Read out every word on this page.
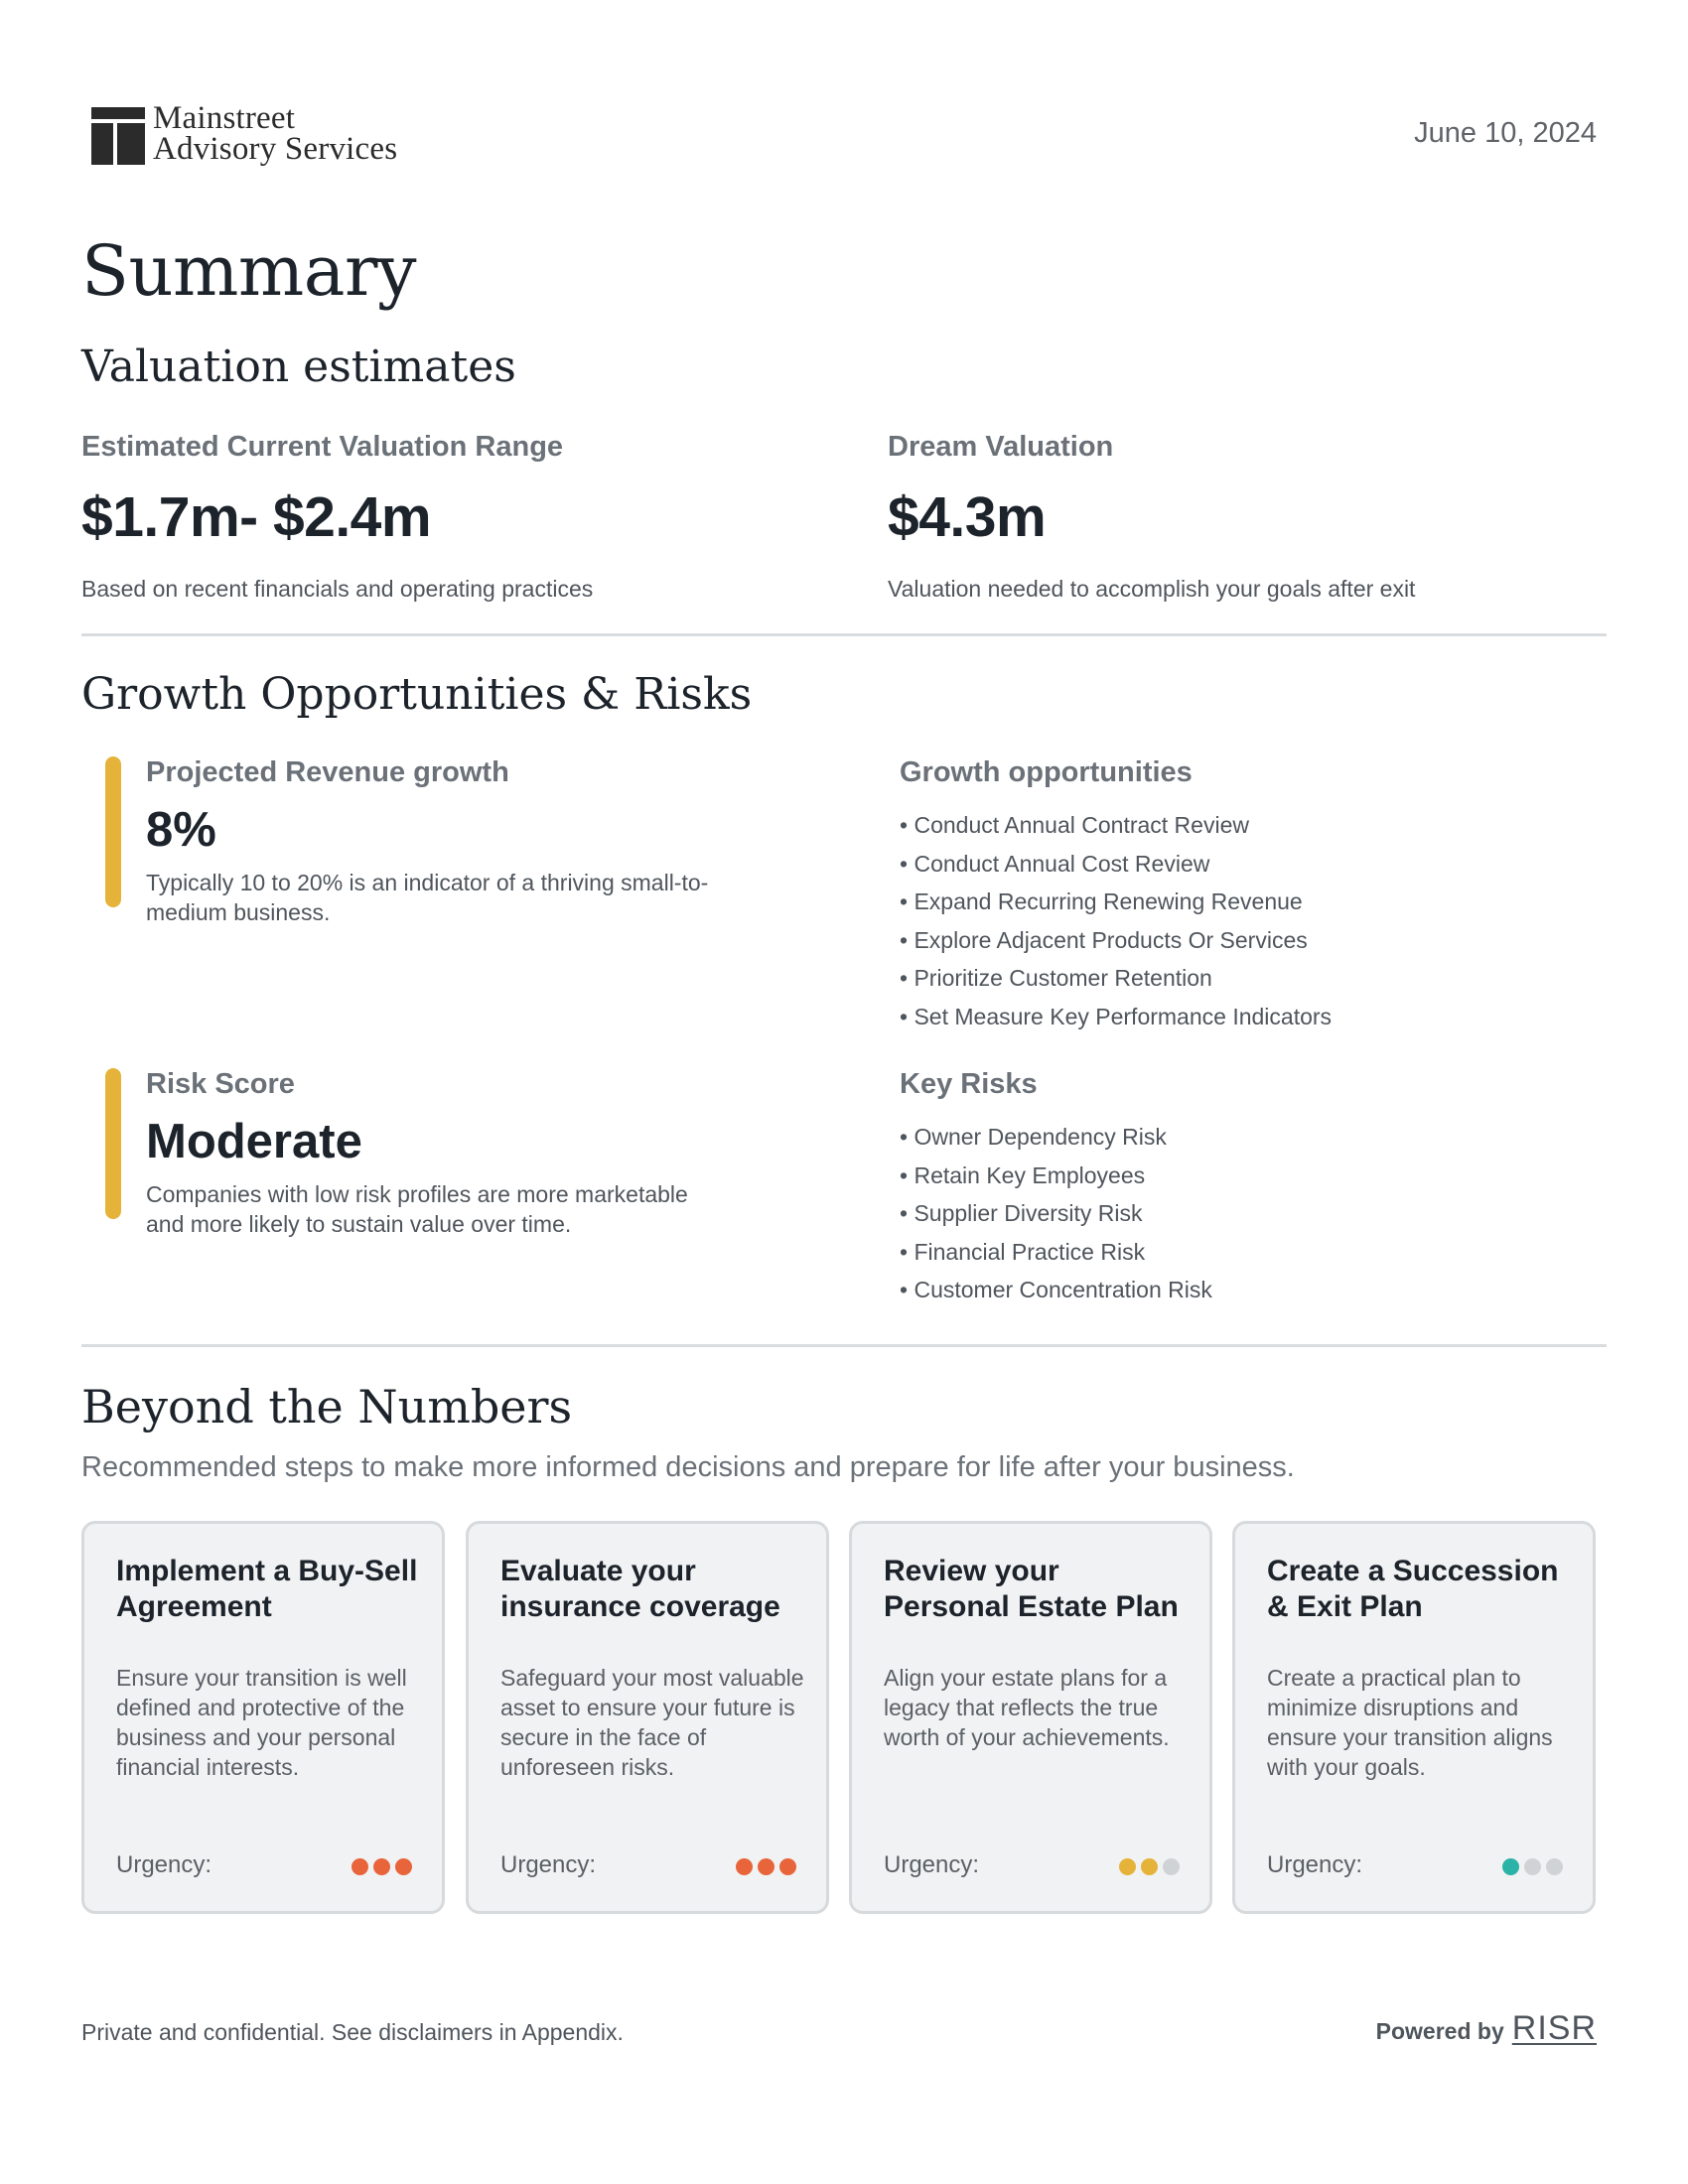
Mainstreet
Advisory Services	June 10, 2024
Summary
Valuation estimates
Estimated Current Valuation Range
$1.7m- $2.4m
Based on recent financials and operating practices
Dream Valuation
$4.3m
Valuation needed to accomplish your goals after exit
Growth Opportunities & Risks
Projected Revenue growth
8%
Typically 10 to 20% is an indicator of a thriving small-to-medium business.
Risk Score
Moderate
Companies with low risk profiles are more marketable and more likely to sustain value over time.
Growth opportunities
• Conduct Annual Contract Review
• Conduct Annual Cost Review
• Expand Recurring Renewing Revenue
• Explore Adjacent Products Or Services
• Prioritize Customer Retention
• Set Measure Key Performance Indicators
Key Risks
• Owner Dependency Risk
• Retain Key Employees
• Supplier Diversity Risk
• Financial Practice Risk
• Customer Concentration Risk
Beyond the Numbers
Recommended steps to make more informed decisions and prepare for life after your business.
Implement a Buy-Sell Agreement
Ensure your transition is well defined and protective of the business and your personal financial interests.
Urgency:
Evaluate your insurance coverage
Safeguard your most valuable asset to ensure your future is secure in the face of unforeseen risks.
Urgency:
Review your Personal Estate Plan
Align your estate plans for a legacy that reflects the true worth of your achievements.
Urgency:
Create a Succession & Exit Plan
Create a practical plan to minimize disruptions and ensure your transition aligns with your goals.
Urgency:
Private and confidential. See disclaimers in Appendix.	Powered by RISR
